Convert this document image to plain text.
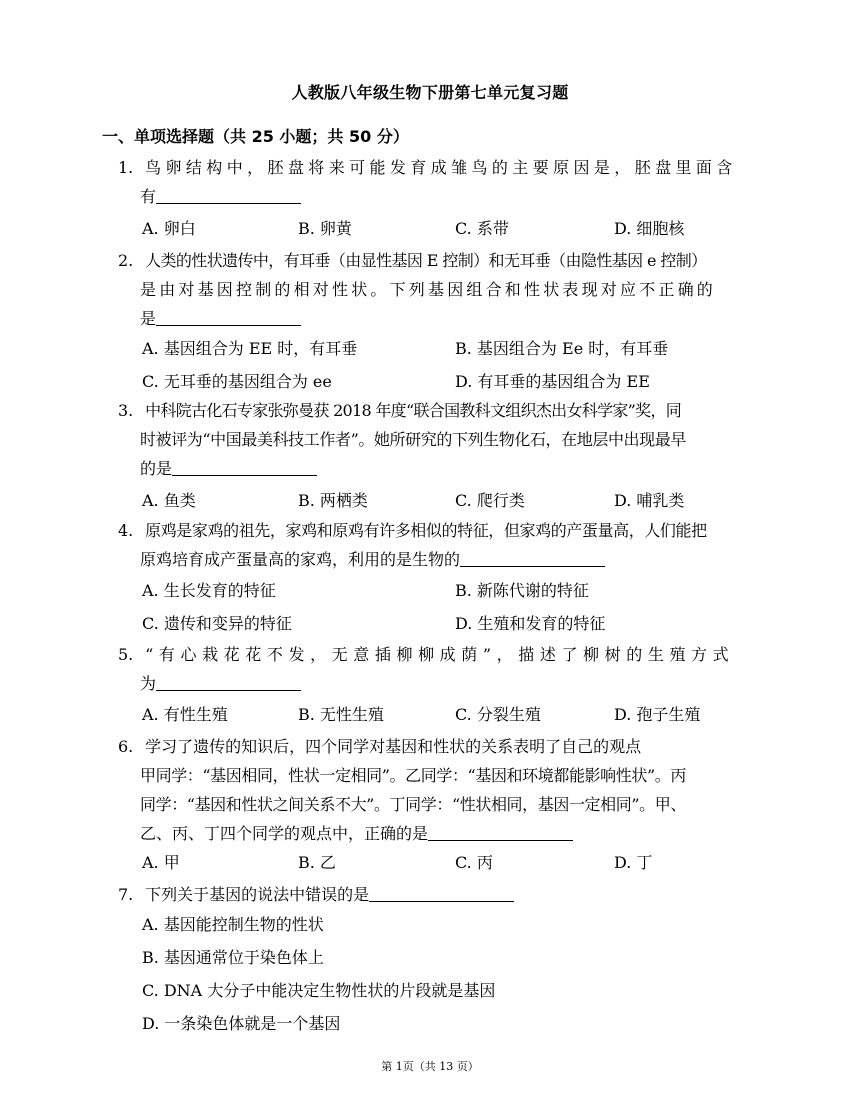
人教版八年级生物下册第七单元复习题
一、单项选择题（共 25 小题；共 50 分）
1. 鸟卵结构中，胚盘将来可能发育成雏鸟的主要原因是，胚盘里面含
有
A. 卵白	B. 卵黄	C. 系带	D. 细胞核
2. 人类的性状遗传中，有耳垂（由显性基因 E 控制）和无耳垂（由隐性基因 e 控制）
是由对基因控制的相对性状。下列基因组合和性状表现对应不正确的
是
A. 基因组合为 EE 时，有耳垂	B. 基因组合为 Ee 时，有耳垂
C. 无耳垂的基因组合为 ee	D. 有耳垂的基因组合为 EE
3. 中科院古化石专家张弥曼获 2018 年度“联合国教科文组织杰出女科学家”奖，同
时被评为“中国最美科技工作者”。她所研究的下列生物化石，在地层中出现最早
的是
A. 鱼类	B. 两栖类	C. 爬行类	D. 哺乳类
4. 原鸡是家鸡的祖先，家鸡和原鸡有许多相似的特征，但家鸡的产蛋量高，人们能把
原鸡培育成产蛋量高的家鸡，利用的是生物的
A. 生长发育的特征	B. 新陈代谢的特征
C. 遗传和变异的特征	D. 生殖和发育的特征
5. “有心栽花花不发，无意插柳柳成荫”，描述了柳树的生殖方式
为
A. 有性生殖	B. 无性生殖	C. 分裂生殖	D. 孢子生殖
6. 学习了遗传的知识后，四个同学对基因和性状的关系表明了自己的观点
甲同学：“基因相同，性状一定相同”。乙同学：“基因和环境都能影响性状”。丙
同学：“基因和性状之间关系不大”。丁同学：“性状相同，基因一定相同”。甲、
乙、丙、丁四个同学的观点中，正确的是
A. 甲	B. 乙	C. 丙	D. 丁
7. 下列关于基因的说法中错误的是
A. 基因能控制生物的性状
B. 基因通常位于染色体上
C. DNA 大分子中能决定生物性状的片段就是基因
D. 一条染色体就是一个基因
第 1页（共 13 页）
